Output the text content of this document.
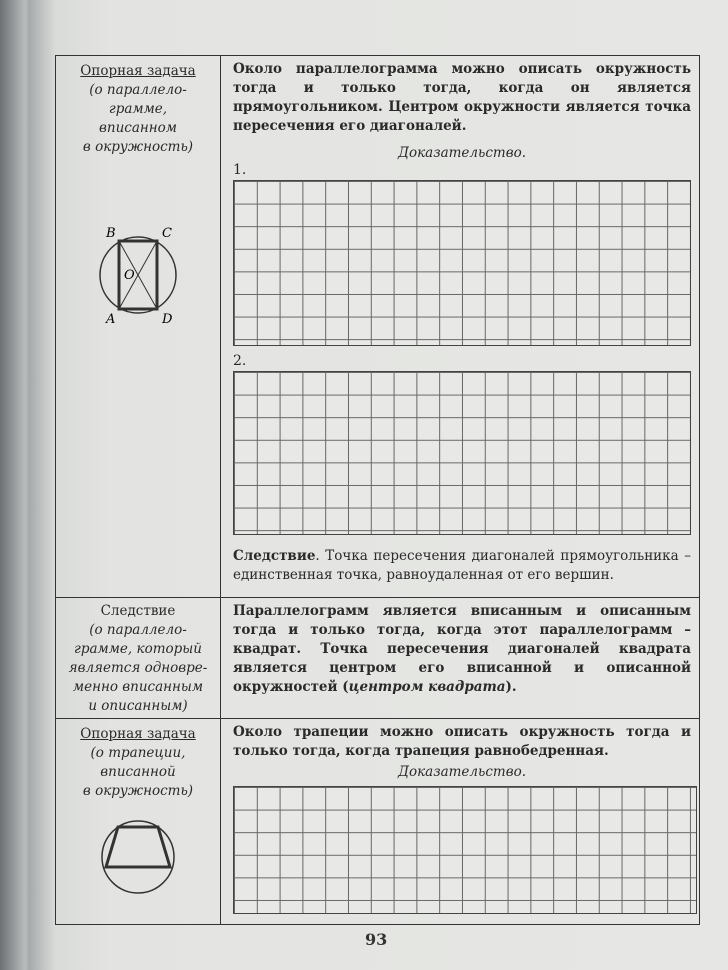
Опорная задача
(о параллело-
грамме,
вписанном
в окружность)
B	C
O
A	D
Около параллелограмма можно описать окружность тогда и только тогда, когда он является прямоугольником. Центром окружности является точка пересечения его диагоналей.
Доказательство.
1.
2.
Следствие. Точка пересечения диагоналей прямоугольника – единственная точка, равноудаленная от его вершин.
Следствие
(о параллело-
грамме, который
является одновре-
менно вписанным
и описанным)
Параллелограмм является вписанным и описанным тогда и только тогда, когда этот параллелограмм – квадрат. Точка пересечения диагоналей квадрата является центром его вписанной и описанной окружностей (центром квадрата).
Опорная задача
(о трапеции,
вписанной
в окружность)
Около трапеции можно описать окружность тогда и только тогда, когда трапеция равнобедренная.
Доказательство.
93
